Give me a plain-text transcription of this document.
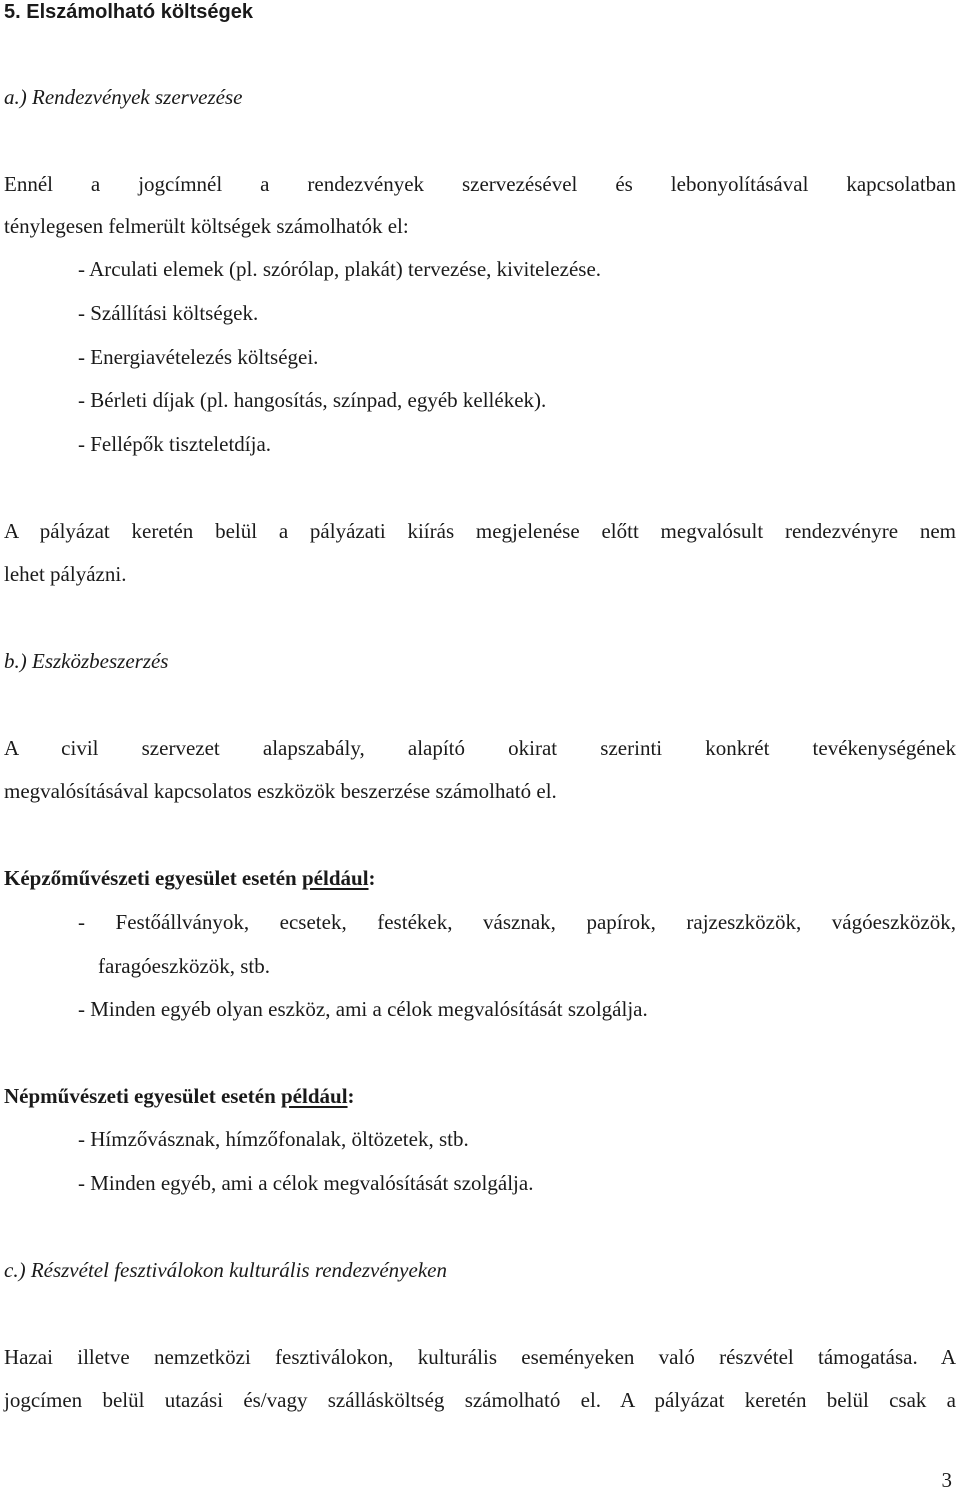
5. Elszámolható költségek
a.) Rendezvények szervezése
Ennél a jogcímnél a rendezvények szervezésével és lebonyolításával kapcsolatban
ténylegesen felmerült költségek számolhatók el:
- Arculati elemek (pl. szórólap, plakát) tervezése, kivitelezése.
- Szállítási költségek.
- Energiavételezés költségei.
- Bérleti díjak (pl. hangosítás, színpad, egyéb kellékek).
- Fellépők tiszteletdíja.
A pályázat keretén belül a pályázati kiírás megjelenése előtt megvalósult rendezvényre nem
lehet pályázni.
b.) Eszközbeszerzés
A civil szervezet alapszabály, alapító okirat szerinti konkrét tevékenységének
megvalósításával kapcsolatos eszközök beszerzése számolható el.
Képzőművészeti egyesület esetén például:
- Festőállványok, ecsetek, festékek, vásznak, papírok, rajzeszközök, vágóeszközök,
faragóeszközök, stb.
- Minden egyéb olyan eszköz, ami a célok megvalósítását szolgálja.
Népművészeti egyesület esetén például:
- Hímzővásznak, hímzőfonalak, öltözetek, stb.
- Minden egyéb, ami a célok megvalósítását szolgálja.
c.) Részvétel fesztiválokon kulturális rendezvényeken
Hazai illetve nemzetközi fesztiválokon, kulturális eseményeken való részvétel támogatása. A
jogcímen belül utazási és/vagy szállásköltség számolható el. A pályázat keretén belül csak a
3
